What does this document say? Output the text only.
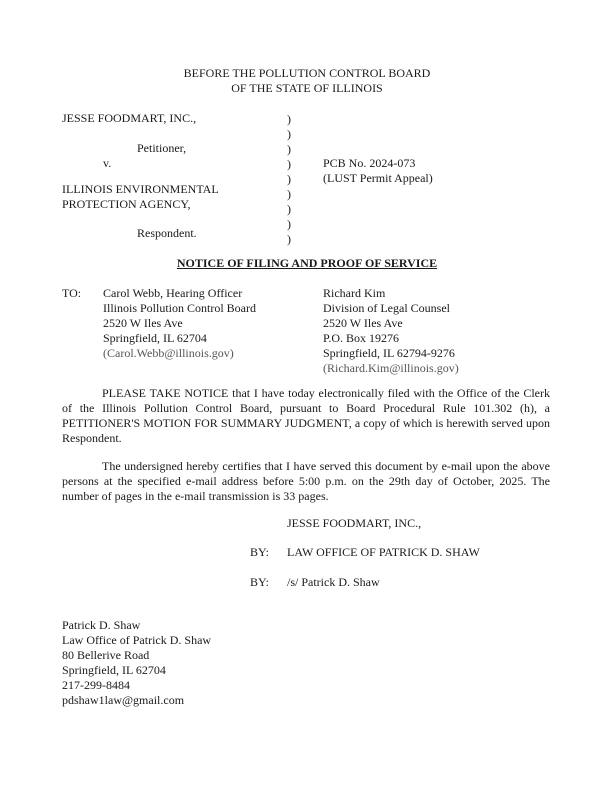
BEFORE THE POLLUTION CONTROL BOARD
OF THE STATE OF ILLINOIS
JESSE FOODMART, INC.,
Petitioner,
v.
ILLINOIS ENVIRONMENTAL
PROTECTION AGENCY,
Respondent.
)
)
)
)
)
)
)
)
)
PCB No. 2024-073
(LUST Permit Appeal)
NOTICE OF FILING AND PROOF OF SERVICE
TO: Carol Webb, Hearing Officer
Illinois Pollution Control Board
2520 W Iles Ave
Springfield, IL 62704
(Carol.Webb@illinois.gov)
Richard Kim
Division of Legal Counsel
2520 W Iles Ave
P.O. Box 19276
Springfield, IL 62794-9276
(Richard.Kim@illinois.gov)
PLEASE TAKE NOTICE that I have today electronically filed with the Office of the Clerk of the Illinois Pollution Control Board, pursuant to Board Procedural Rule 101.302 (h), a PETITIONER'S MOTION FOR SUMMARY JUDGMENT, a copy of which is herewith served upon Respondent.
The undersigned hereby certifies that I have served this document by e-mail upon the above persons at the specified e-mail address before 5:00 p.m. on the 29th day of October, 2025. The number of pages in the e-mail transmission is 33 pages.
JESSE FOODMART, INC.,
BY: LAW OFFICE OF PATRICK D. SHAW
BY: /s/ Patrick D. Shaw
Patrick D. Shaw
Law Office of Patrick D. Shaw
80 Bellerive Road
Springfield, IL 62704
217-299-8484
pdshaw1law@gmail.com
